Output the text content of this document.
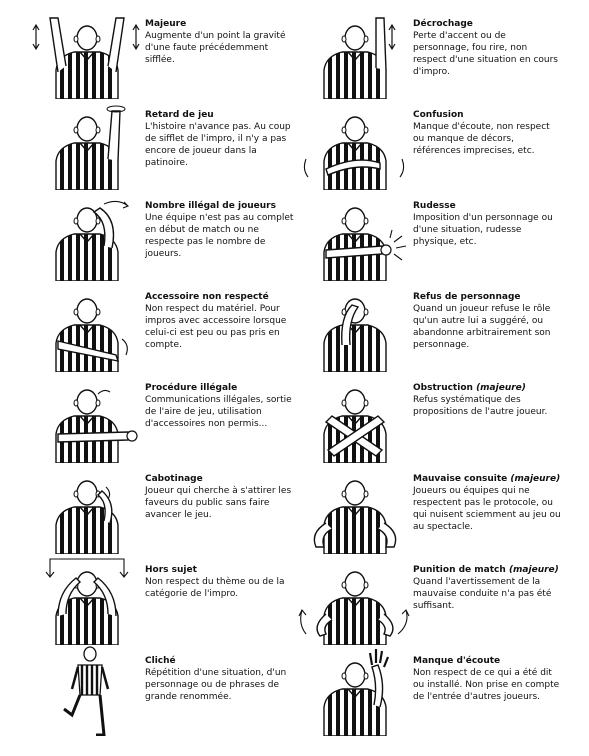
Majeure
Augmente d'un point la gravité d'une faute précédemment sifflée.
Retard de jeu
L'histoire n'avance pas. Au coup de sifflet de l'impro, il n'y a pas encore de joueur dans la patinoire.
Nombre illégal de joueurs
Une équipe n'est pas au complet en début de match ou ne respecte pas le nombre de joueurs.
Accessoire non respecté
Non respect du matériel. Pour impros avec accessoire lorsque celui-ci est peu ou pas pris en compte.
Procédure illégale
Communications illégales, sortie de l'aire de jeu, utilisation d'accessoires non permis...
Cabotinage
Joueur qui cherche à s'attirer les faveurs du public sans faire avancer le jeu.
Hors sujet
Non respect du thème ou de la catégorie de l'impro.
Cliché
Répétition d'une situation, d'un personnage ou de phrases de grande renommée.
Décrochage
Perte d'accent ou de personnage, fou rire, non respect d'une situation en cours d'impro.
Confusion
Manque d'écoute, non respect ou manque de décors, références imprecises, etc.
Rudesse
Imposition d'un personnage ou d'une situation, rudesse physique, etc.
Refus de personnage
Quand un joueur refuse le rôle qu'un autre lui a suggéré, ou abandonne arbitrairement son personnage.
Obstruction (majeure)
Refus systématique des propositions de l'autre joueur.
Mauvaise consuite (majeure)
Joueurs ou équipes qui ne respectent pas le protocole, ou qui nuisent sciemment au jeu ou au spectacle.
Punition de match (majeure)
Quand l'avertissement de la mauvaise conduite n'a pas été suffisant.
Manque d'écoute
Non respect de ce qui a été dit ou installé. Non prise en compte de l'entrée d'autres joueurs.
